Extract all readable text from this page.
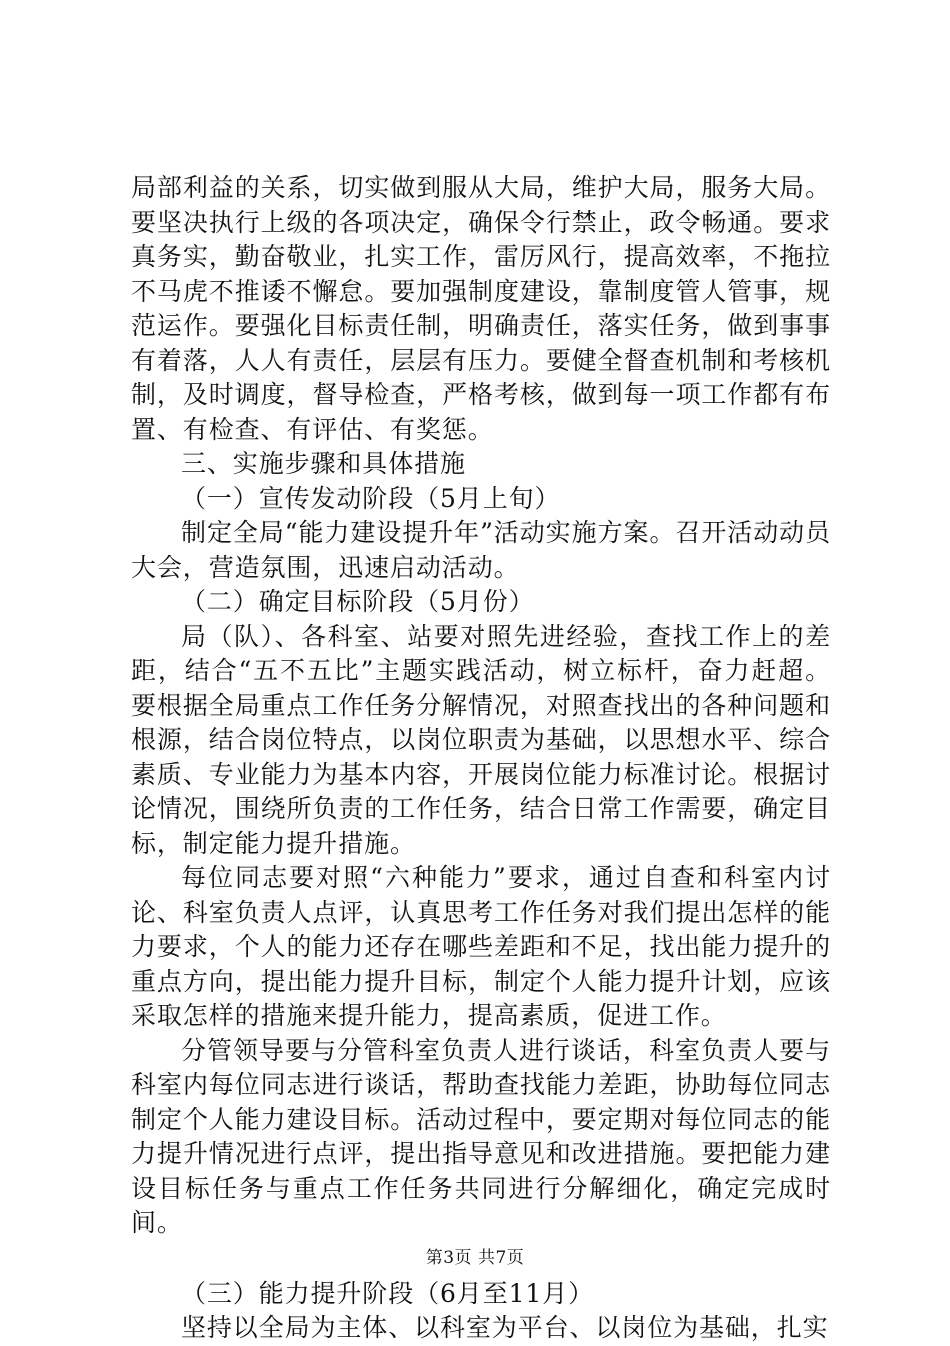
局部利益的关系，切实做到服从大局，维护大局，服务大局。要坚决执行上级的各项决定，确保令行禁止，政令畅通。要求真务实，勤奋敬业，扎实工作，雷厉风行，提高效率，不拖拉不马虎不推诿不懈怠。要加强制度建设，靠制度管人管事，规范运作。要强化目标责任制，明确责任，落实任务，做到事事有着落，人人有责任，层层有压力。要健全督查机制和考核机制，及时调度，督导检查，严格考核，做到每一项工作都有布置、有检查、有评估、有奖惩。

三、实施步骤和具体措施

（一）宣传发动阶段（5月上旬）

制定全局“能力建设提升年”活动实施方案。召开活动动员大会，营造氛围，迅速启动活动。

（二）确定目标阶段（5月份）

局（队）、各科室、站要对照先进经验，查找工作上的差距，结合“五不五比”主题实践活动，树立标杆，奋力赶超。要根据全局重点工作任务分解情况，对照查找出的各种问题和根源，结合岗位特点，以岗位职责为基础，以思想水平、综合素质、专业能力为基本内容，开展岗位能力标准讨论。根据讨论情况，围绕所负责的工作任务，结合日常工作需要，确定目标，制定能力提升措施。

每位同志要对照“六种能力”要求，通过自查和科室内讨论、科室负责人点评，认真思考工作任务对我们提出怎样的能力要求，个人的能力还存在哪些差距和不足，找出能力提升的重点方向，提出能力提升目标，制定个人能力提升计划，应该采取怎样的措施来提升能力，提高素质，促进工作。

分管领导要与分管科室负责人进行谈话，科室负责人要与科室内每位同志进行谈话，帮助查找能力差距，协助每位同志制定个人能力建设目标。活动过程中，要定期对每位同志的能力提升情况进行点评，提出指导意见和改进措施。要把能力建设目标任务与重点工作任务共同进行分解细化，确定完成时间。

（三）能力提升阶段（6月至11月）

坚持以全局为主体、以科室为平台、以岗位为基础，扎实

第3页 共7页
